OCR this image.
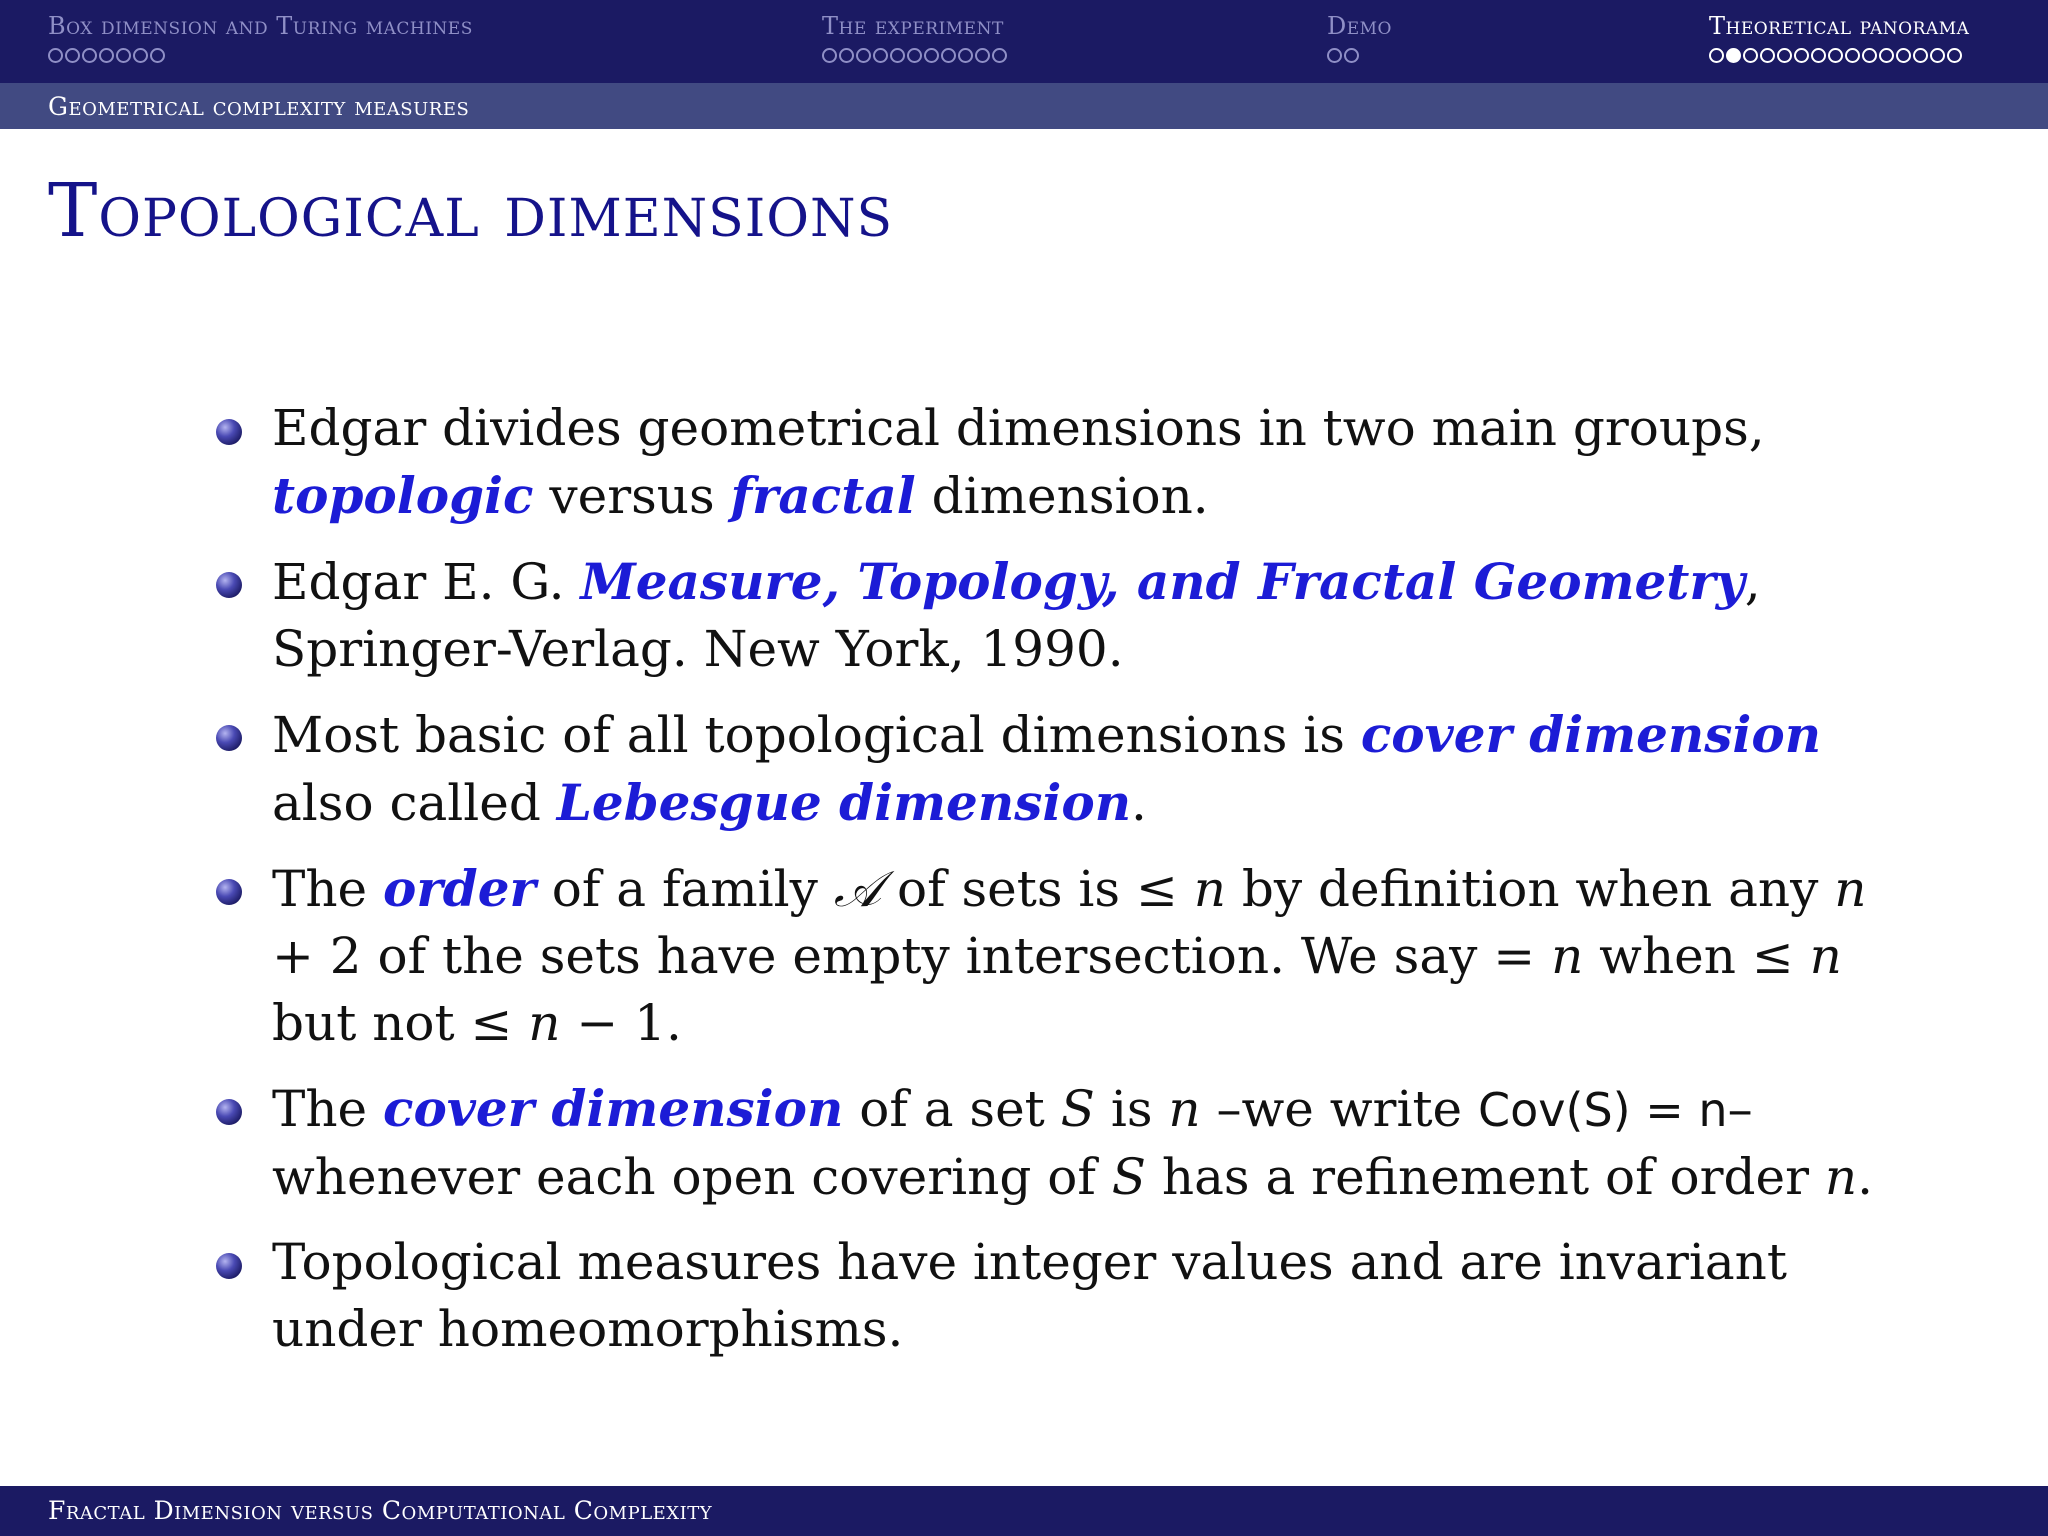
Box dimension and Turing machines	The experiment	Demo	Theoretical panorama
Geometrical complexity measures
Topological dimensions
Edgar divides geometrical dimensions in two main groups, topologic versus fractal dimension.
Edgar E. G. Measure, Topology, and Fractal Geometry, Springer-Verlag. New York, 1990.
Most basic of all topological dimensions is cover dimension also called Lebesgue dimension.
The order of a family 𝒜 of sets is ≤ n by definition when any n + 2 of the sets have empty intersection. We say = n when ≤ n but not ≤ n − 1.
The cover dimension of a set S is n –we write Cov(S) = n– whenever each open covering of S has a refinement of order n.
Topological measures have integer values and are invariant under homeomorphisms.
Fractal Dimension versus Computational Complexity
